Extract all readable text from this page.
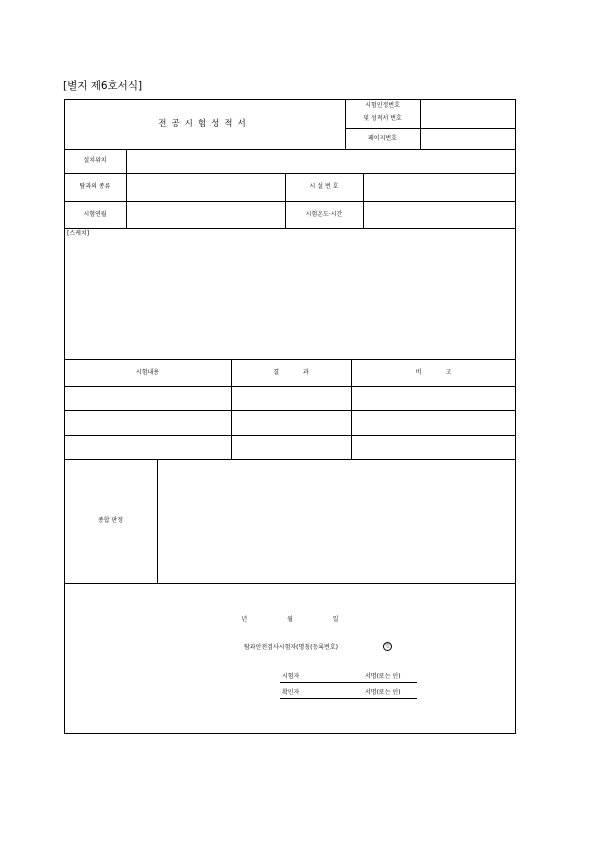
[별지 제6호서식]
전공시험성적서
시험인정번호
및 성적서 번호
페이지번호
설치위치
탐과의 종류	시 설 번 호
시험연월	시험온도·시간
[스케치]
시험내용	결 과	비 고
종합 판정
년 월 일
탐과안전검사시험자(명칭(등록번호)	인
시험자	서명(또는 인)
확인자	서명(또는 인)
